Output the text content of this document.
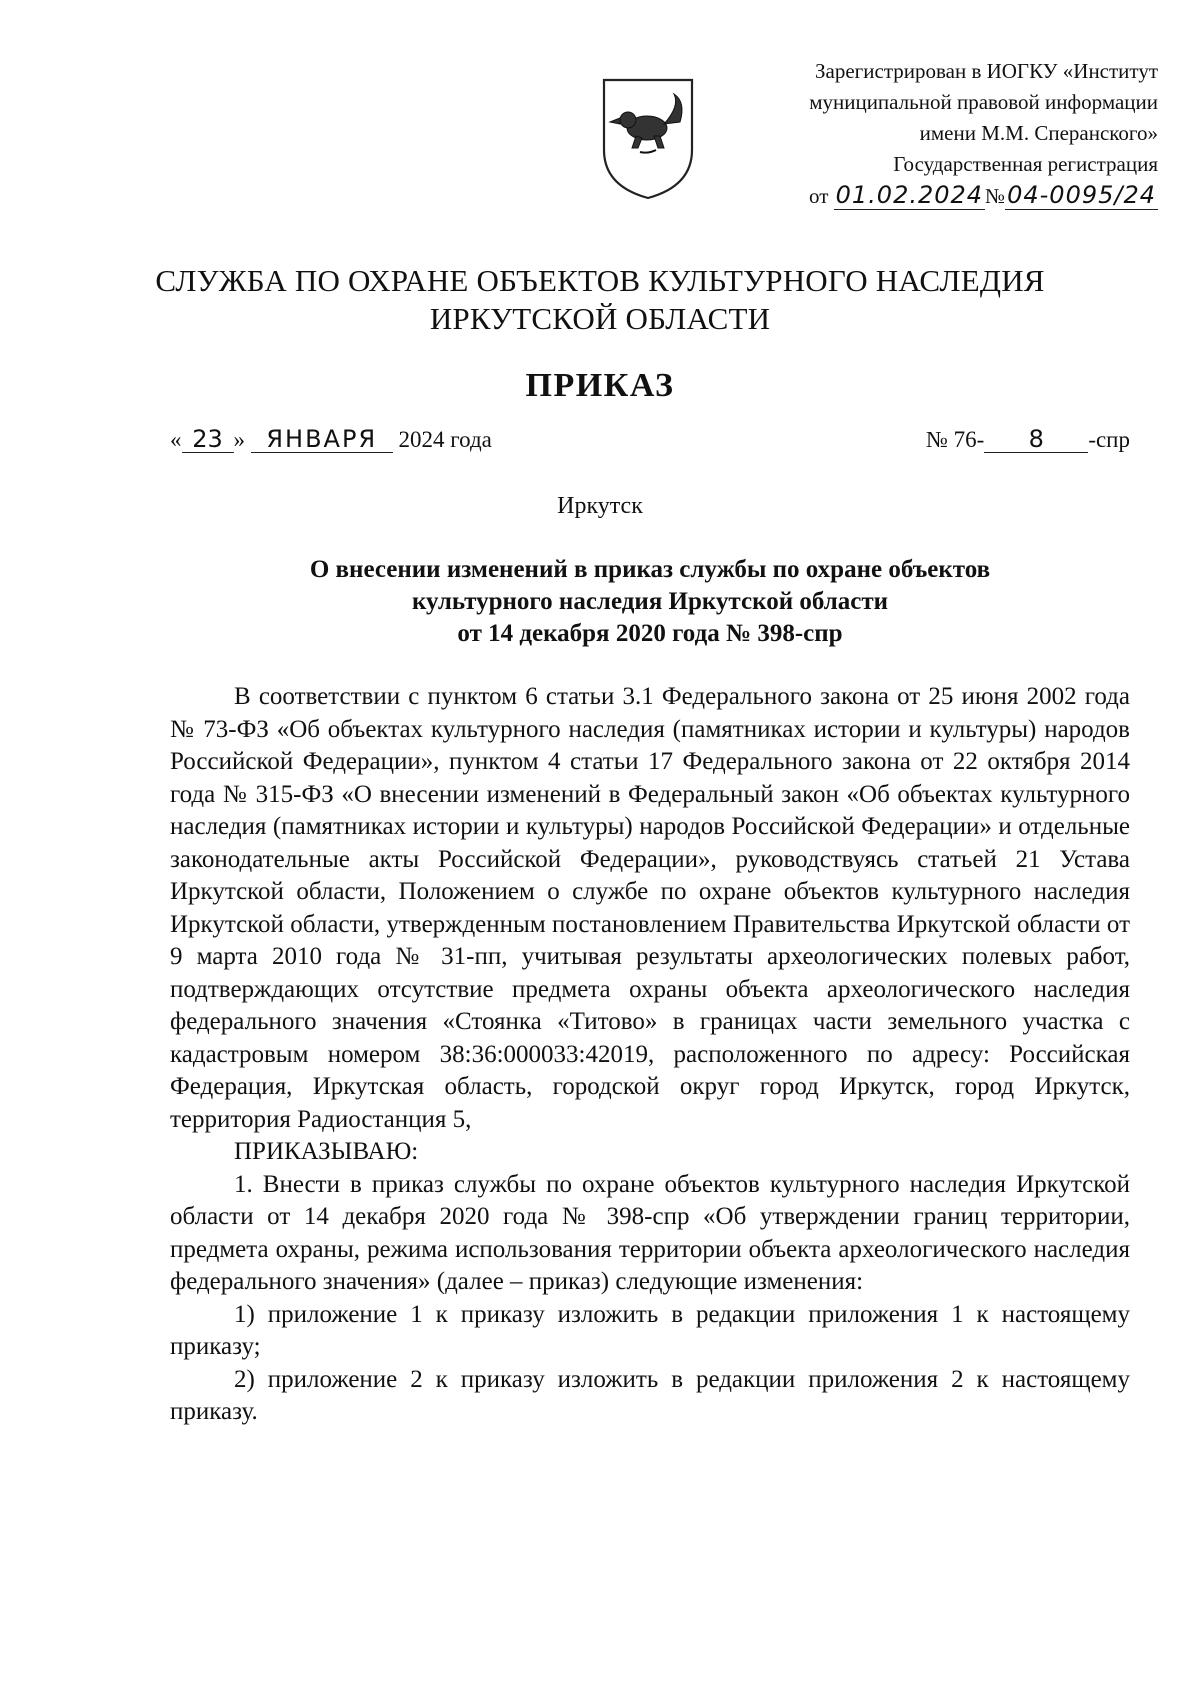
Зарегистрирован в ИОГКУ «Институт
муниципальной правовой информации
имени М.М. Сперанского»
Государственная регистрация
от 01.02.2024№04-0095/24
СЛУЖБА ПО ОХРАНЕ ОБЪЕКТОВ КУЛЬТУРНОГО НАСЛЕДИЯ
ИРКУТСКОЙ ОБЛАСТИ
ПРИКАЗ
« 23 » ЯНВАРЯ 2024 года	№ 76- 8 -спр
Иркутск
О внесении изменений в приказ службы по охране объектов
культурного наследия Иркутской области
от 14 декабря 2020 года № 398-спр

В соответствии с пунктом 6 статьи 3.1 Федерального закона от 25 июня 2002 года № 73-ФЗ «Об объектах культурного наследия (памятниках истории и культуры) народов Российской Федерации», пунктом 4 статьи 17 Федерального закона от 22 октября 2014 года № 315-ФЗ «О внесении изменений в Федеральный закон «Об объектах культурного наследия (памятниках истории и культуры) народов Российской Федерации» и отдельные законодательные акты Российской Федерации», руководствуясь статьей 21 Устава Иркутской области, Положением о службе по охране объектов культурного наследия Иркутской области, утвержденным постановлением Правительства Иркутской области от 9 марта 2010 года № 31-пп, учитывая результаты археологических полевых работ, подтверждающих отсутствие предмета охраны объекта археологического наследия федерального значения «Стоянка «Титово» в границах части земельного участка с кадастровым номером 38:36:000033:42019, расположенного по адресу: Российская Федерация, Иркутская область, городской округ город Иркутск, город Иркутск, территория Радиостанция 5,

ПРИКАЗЫВАЮ:

1. Внести в приказ службы по охране объектов культурного наследия Иркутской области от 14 декабря 2020 года № 398-спр «Об утверждении границ территории, предмета охраны, режима использования территории объекта археологического наследия федерального значения» (далее – приказ) следующие изменения:

1) приложение 1 к приказу изложить в редакции приложения 1 к настоящему приказу;

2) приложение 2 к приказу изложить в редакции приложения 2 к настоящему приказу.
